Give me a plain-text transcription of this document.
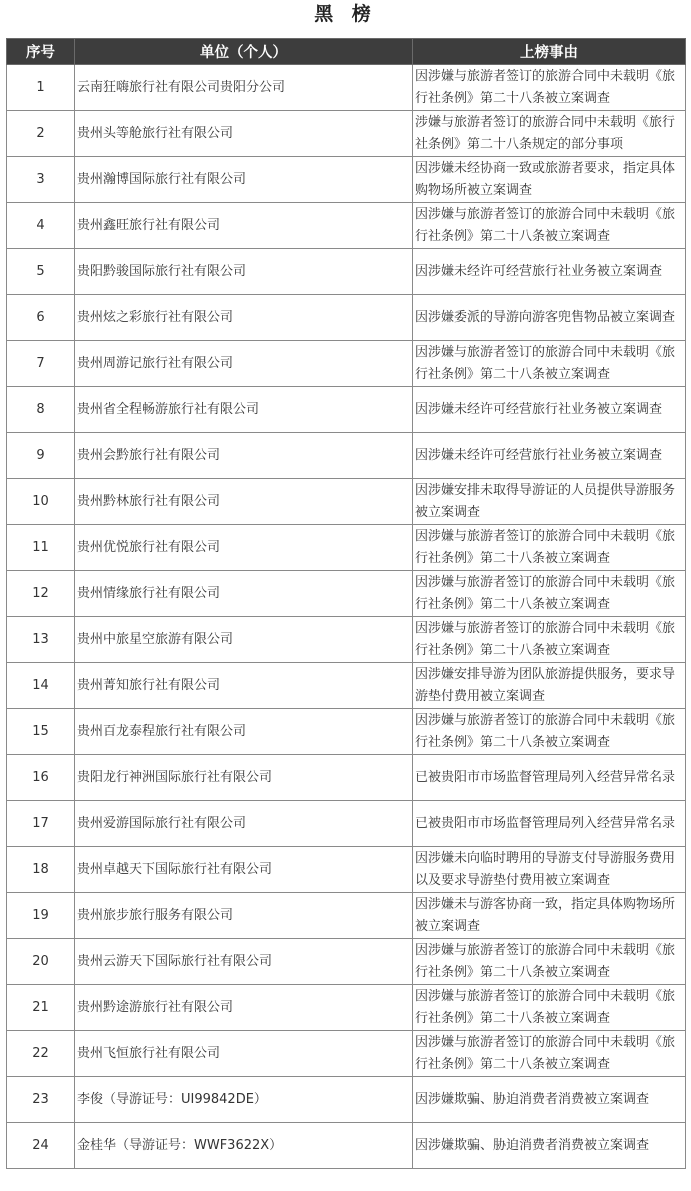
黑 榜
序号	单位（个人）	上榜事由
1	云南狂嗨旅行社有限公司贵阳分公司	因涉嫌与旅游者签订的旅游合同中未载明《旅行社条例》第二十八条被立案调查
2	贵州头等舱旅行社有限公司	涉嫌与旅游者签订的旅游合同中未载明《旅行社条例》第二十八条规定的部分事项
3	贵州瀚博国际旅行社有限公司	因涉嫌未经协商一致或旅游者要求，指定具体购物场所被立案调查
4	贵州鑫旺旅行社有限公司	因涉嫌与旅游者签订的旅游合同中未载明《旅行社条例》第二十八条被立案调查
5	贵阳黔骏国际旅行社有限公司	因涉嫌未经许可经营旅行社业务被立案调查
6	贵州炫之彩旅行社有限公司	因涉嫌委派的导游向游客兜售物品被立案调查
7	贵州周游记旅行社有限公司	因涉嫌与旅游者签订的旅游合同中未载明《旅行社条例》第二十八条被立案调查
8	贵州省全程畅游旅行社有限公司	因涉嫌未经许可经营旅行社业务被立案调查
9	贵州会黔旅行社有限公司	因涉嫌未经许可经营旅行社业务被立案调查
10	贵州黔林旅行社有限公司	因涉嫌安排未取得导游证的人员提供导游服务被立案调查
11	贵州优悦旅行社有限公司	因涉嫌与旅游者签订的旅游合同中未载明《旅行社条例》第二十八条被立案调查
12	贵州情缘旅行社有限公司	因涉嫌与旅游者签订的旅游合同中未载明《旅行社条例》第二十八条被立案调查
13	贵州中旅星空旅游有限公司	因涉嫌与旅游者签订的旅游合同中未载明《旅行社条例》第二十八条被立案调查
14	贵州菁知旅行社有限公司	因涉嫌安排导游为团队旅游提供服务，要求导游垫付费用被立案调查
15	贵州百龙泰程旅行社有限公司	因涉嫌与旅游者签订的旅游合同中未载明《旅行社条例》第二十八条被立案调查
16	贵阳龙行神洲国际旅行社有限公司	已被贵阳市市场监督管理局列入经营异常名录
17	贵州爱游国际旅行社有限公司	已被贵阳市市场监督管理局列入经营异常名录
18	贵州卓越天下国际旅行社有限公司	因涉嫌未向临时聘用的导游支付导游服务费用以及要求导游垫付费用被立案调查
19	贵州旅步旅行服务有限公司	因涉嫌未与游客协商一致，指定具体购物场所被立案调查
20	贵州云游天下国际旅行社有限公司	因涉嫌与旅游者签订的旅游合同中未载明《旅行社条例》第二十八条被立案调查
21	贵州黔途游旅行社有限公司	因涉嫌与旅游者签订的旅游合同中未载明《旅行社条例》第二十八条被立案调查
22	贵州飞恒旅行社有限公司	因涉嫌与旅游者签订的旅游合同中未载明《旅行社条例》第二十八条被立案调查
23	李俊（导游证号：UI99842DE）	因涉嫌欺骗、胁迫消费者消费被立案调查
24	金桂华（导游证号：WWF3622X）	因涉嫌欺骗、胁迫消费者消费被立案调查
